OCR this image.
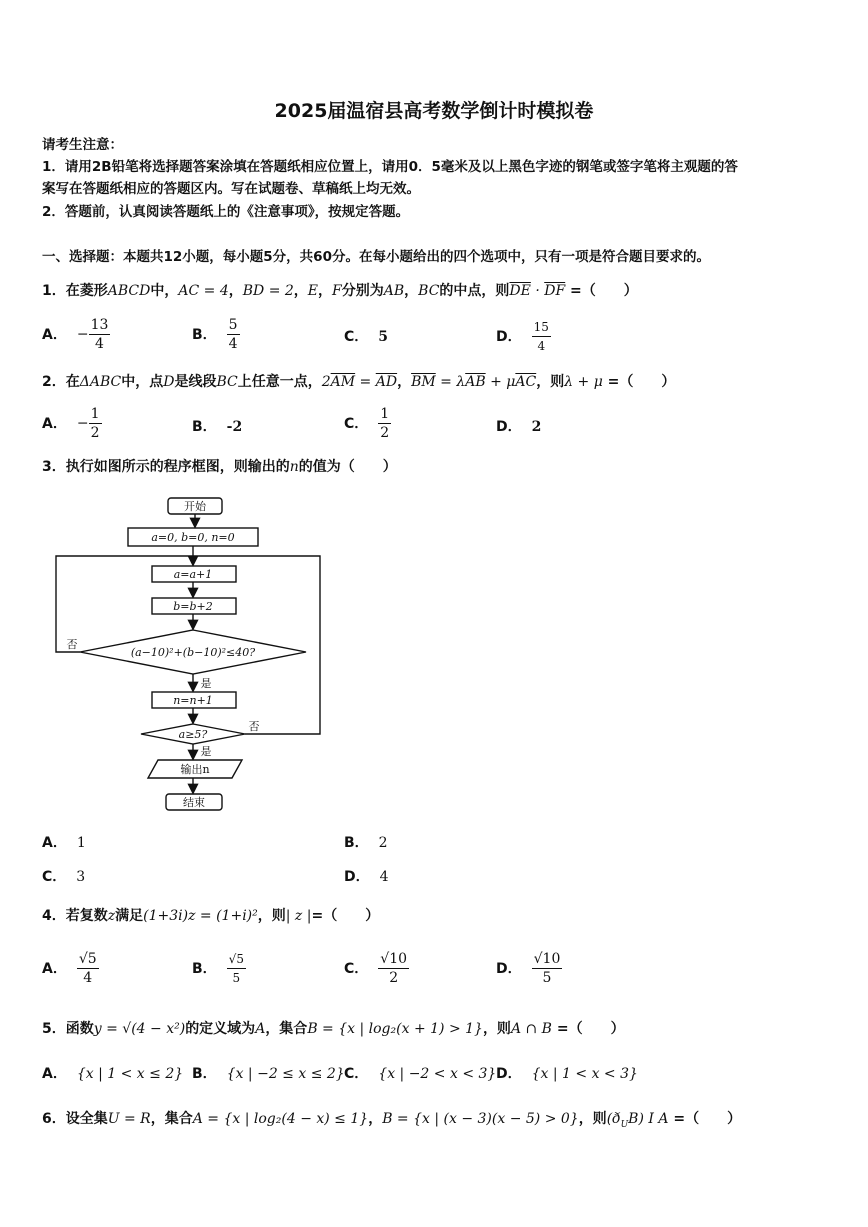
2025届温宿县高考数学倒计时模拟卷
请考生注意：
1．请用2B铅笔将选择题答案涂填在答题纸相应位置上，请用0．5毫米及以上黑色字迹的钢笔或签字笔将主观题的答
案写在答题纸相应的答题区内。写在试题卷、草稿纸上均无效。
2．答题前，认真阅读答题纸上的《注意事项》，按规定答题。
一、选择题：本题共12小题，每小题5分，共60分。在每小题给出的四个选项中，只有一项是符合题目要求的。
1．在菱形ABCD中，AC = 4，BD = 2，E，F分别为AB，BC的中点，则$\overline{DE} \cdot \overline{DF}$ =（　　）
A． − $\frac{13}{4}$	B． $\frac{5}{4}$	C． 5	D． $\frac{15}{4}$
2．在ΔABC中，点D是线段BC上任意一点，$2\overline{AM} = \overline{AD}$，$\overline{BM} = \lambda\overline{AB} + \mu\overline{AC}$，则λ + μ =（　　）
A． − $\frac{1}{2}$	B． -2	C． $\frac{1}{2}$	D． 2
3．执行如图所示的程序框图，则输出的n的值为（　　）
开始
a=0, b=0, n=0
a=a+1
b=b+2
(a−10)²+(b−10)²≤40?
n=n+1
a≥5?
输出n
结束
否
是
否
是
A． 1	B． 2
C． 3	D． 4
4．若复数z满足(1+3i)z = (1+i)²，则| z |=（　　）
A． $\frac{√5}{4}$	B． $\frac{√5}{5}$	C． $\frac{√10}{2}$	D． $\frac{√10}{5}$
5．函数y = √(4 − x²)的定义域为A，集合B = {x | log₂(x + 1) > 1}，则A ∩ B =（　　）
A． {x | 1 < x ≤ 2} B． {x | −2 ≤ x ≤ 2} C． {x | −2 < x < 3} D． {x | 1 < x < 3}
6．设全集U = R，集合A = {x | log₂(4 − x) ≤ 1}，B = {x | (x − 3)(x − 5) > 0}，则$(ð_UB)$ I A =（　　）
